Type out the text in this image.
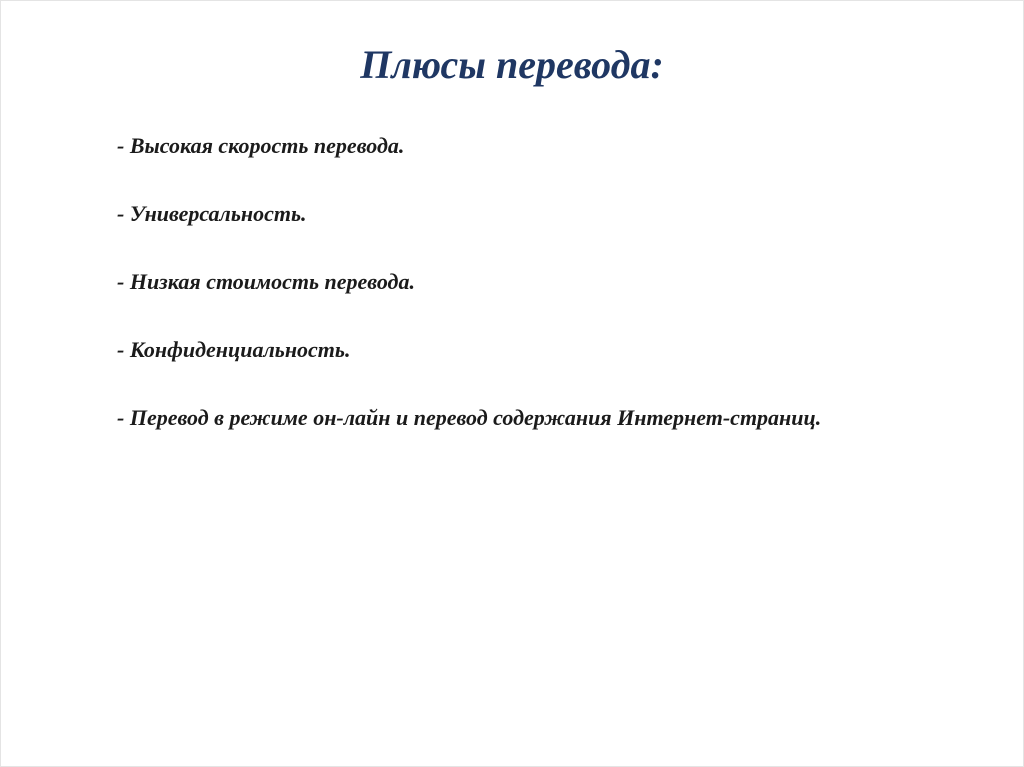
Плюсы перевода:
- Высокая скорость перевода.
- Универсальность.
- Низкая стоимость перевода.
- Конфиденциальность.
- Перевод в режиме он-лайн и перевод содержания Интернет-страниц.
